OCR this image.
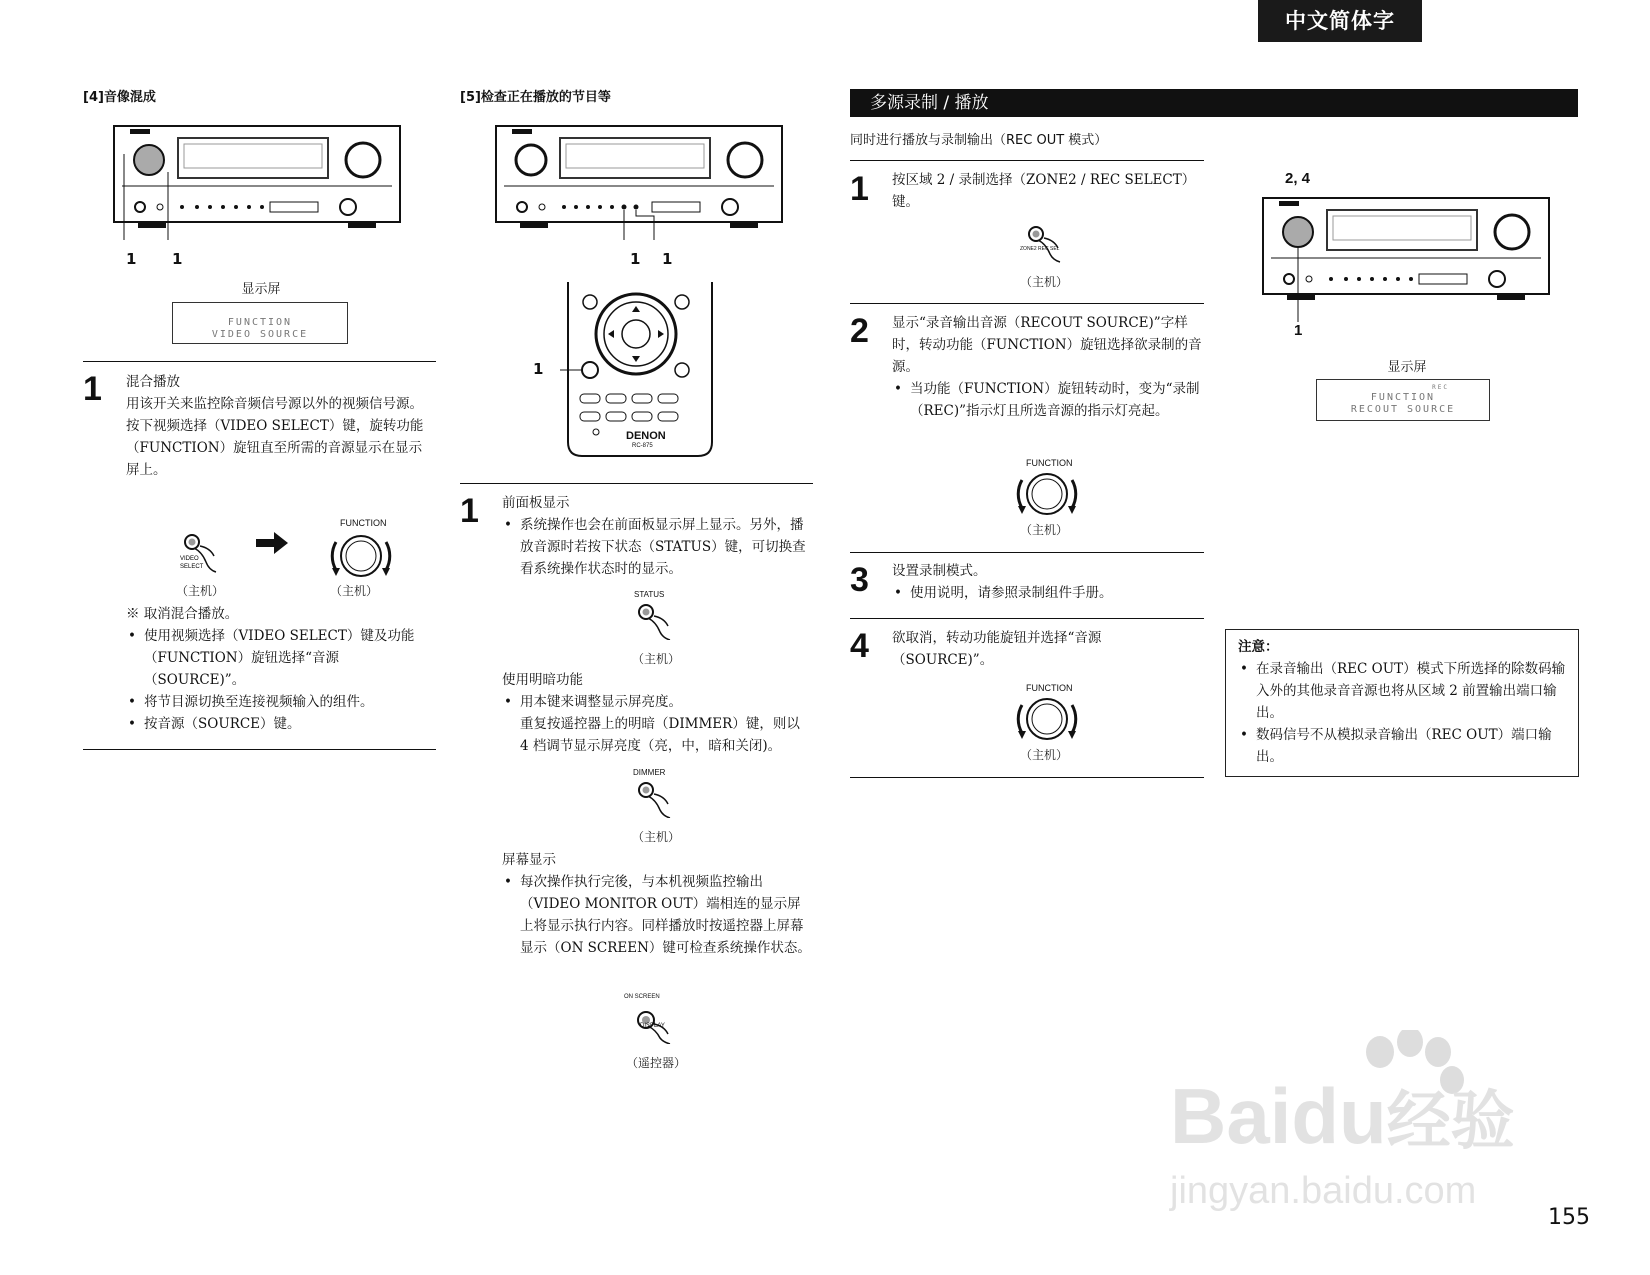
中文简体字
[4]音像混成
1 1
显示屏
FUNCTION
VIDEO SOURCE
1 混合播放

用该开关来监控除音频信号源以外的视频信号源。

按下视频选择（VIDEO SELECT）键，旋转功能（FUNCTION）旋钮直至所需的音源显示在显示屏上。

VIDEO
SELECT
FUNCTION
（主机）	（主机）

※ 取消混合播放。

• 使用视频选择（VIDEO SELECT）键及功能（FUNCTION）旋钮选择“音源（SOURCE)”。

• 将节目源切换至连接视频输入的组件。

• 按音源（SOURCE）键。

[5]检查正在播放的节目等
1 1
1
DENON
RC-875
1 前面板显示

• 系统操作也会在前面板显示屏上显示。另外，播放音源时若按下状态（STATUS）键，可切换查看系统操作状态时的显示。

STATUS
（主机）

使用明暗功能

• 用本键来调整显示屏亮度。

重复按遥控器上的明暗（DIMMER）键，则以 4 档调节显示屏亮度（亮，中，暗和关闭)。

DIMMER
（主机）

屏幕显示

• 每次操作执行完後，与本机视频监控输出（VIDEO MONITOR OUT）端相连的显示屏上将显示执行内容。同样播放时按遥控器上屏幕显示（ON SCREEN）键可检查系统操作状态。

ON SCREEN
DISPLAY
（遥控器）
多源录制 / 播放
同时进行播放与录制输出（REC OUT 模式）
1 按区域 2 / 录制选择（ZONE2 / REC SELECT）键。
ZONE2 REC SEL
（主机）
2 显示“录音输出音源（RECOUT SOURCE)”字样时，转动功能（FUNCTION）旋钮选择欲录制的音源。

• 当功能（FUNCTION）旋钮转动时，变为“录制（REC)”指示灯且所选音源的指示灯亮起。

FUNCTION
（主机）
3 设置录制模式。

• 使用说明，请参照录制组件手册。

4 欲取消，转动功能旋钮并选择“音源（SOURCE)”。
FUNCTION
（主机）
2, 4
1
显示屏
REC
FUNCTION
RECOUT SOURCE
注意：

• 在录音输出（REC OUT）模式下所选择的除数码输入外的其他录音音源也将从区域 2 前置输出端口输出。

• 数码信号不从模拟录音输出（REC OUT）端口输出。

Baidu经验
jingyan.baidu.com
155
